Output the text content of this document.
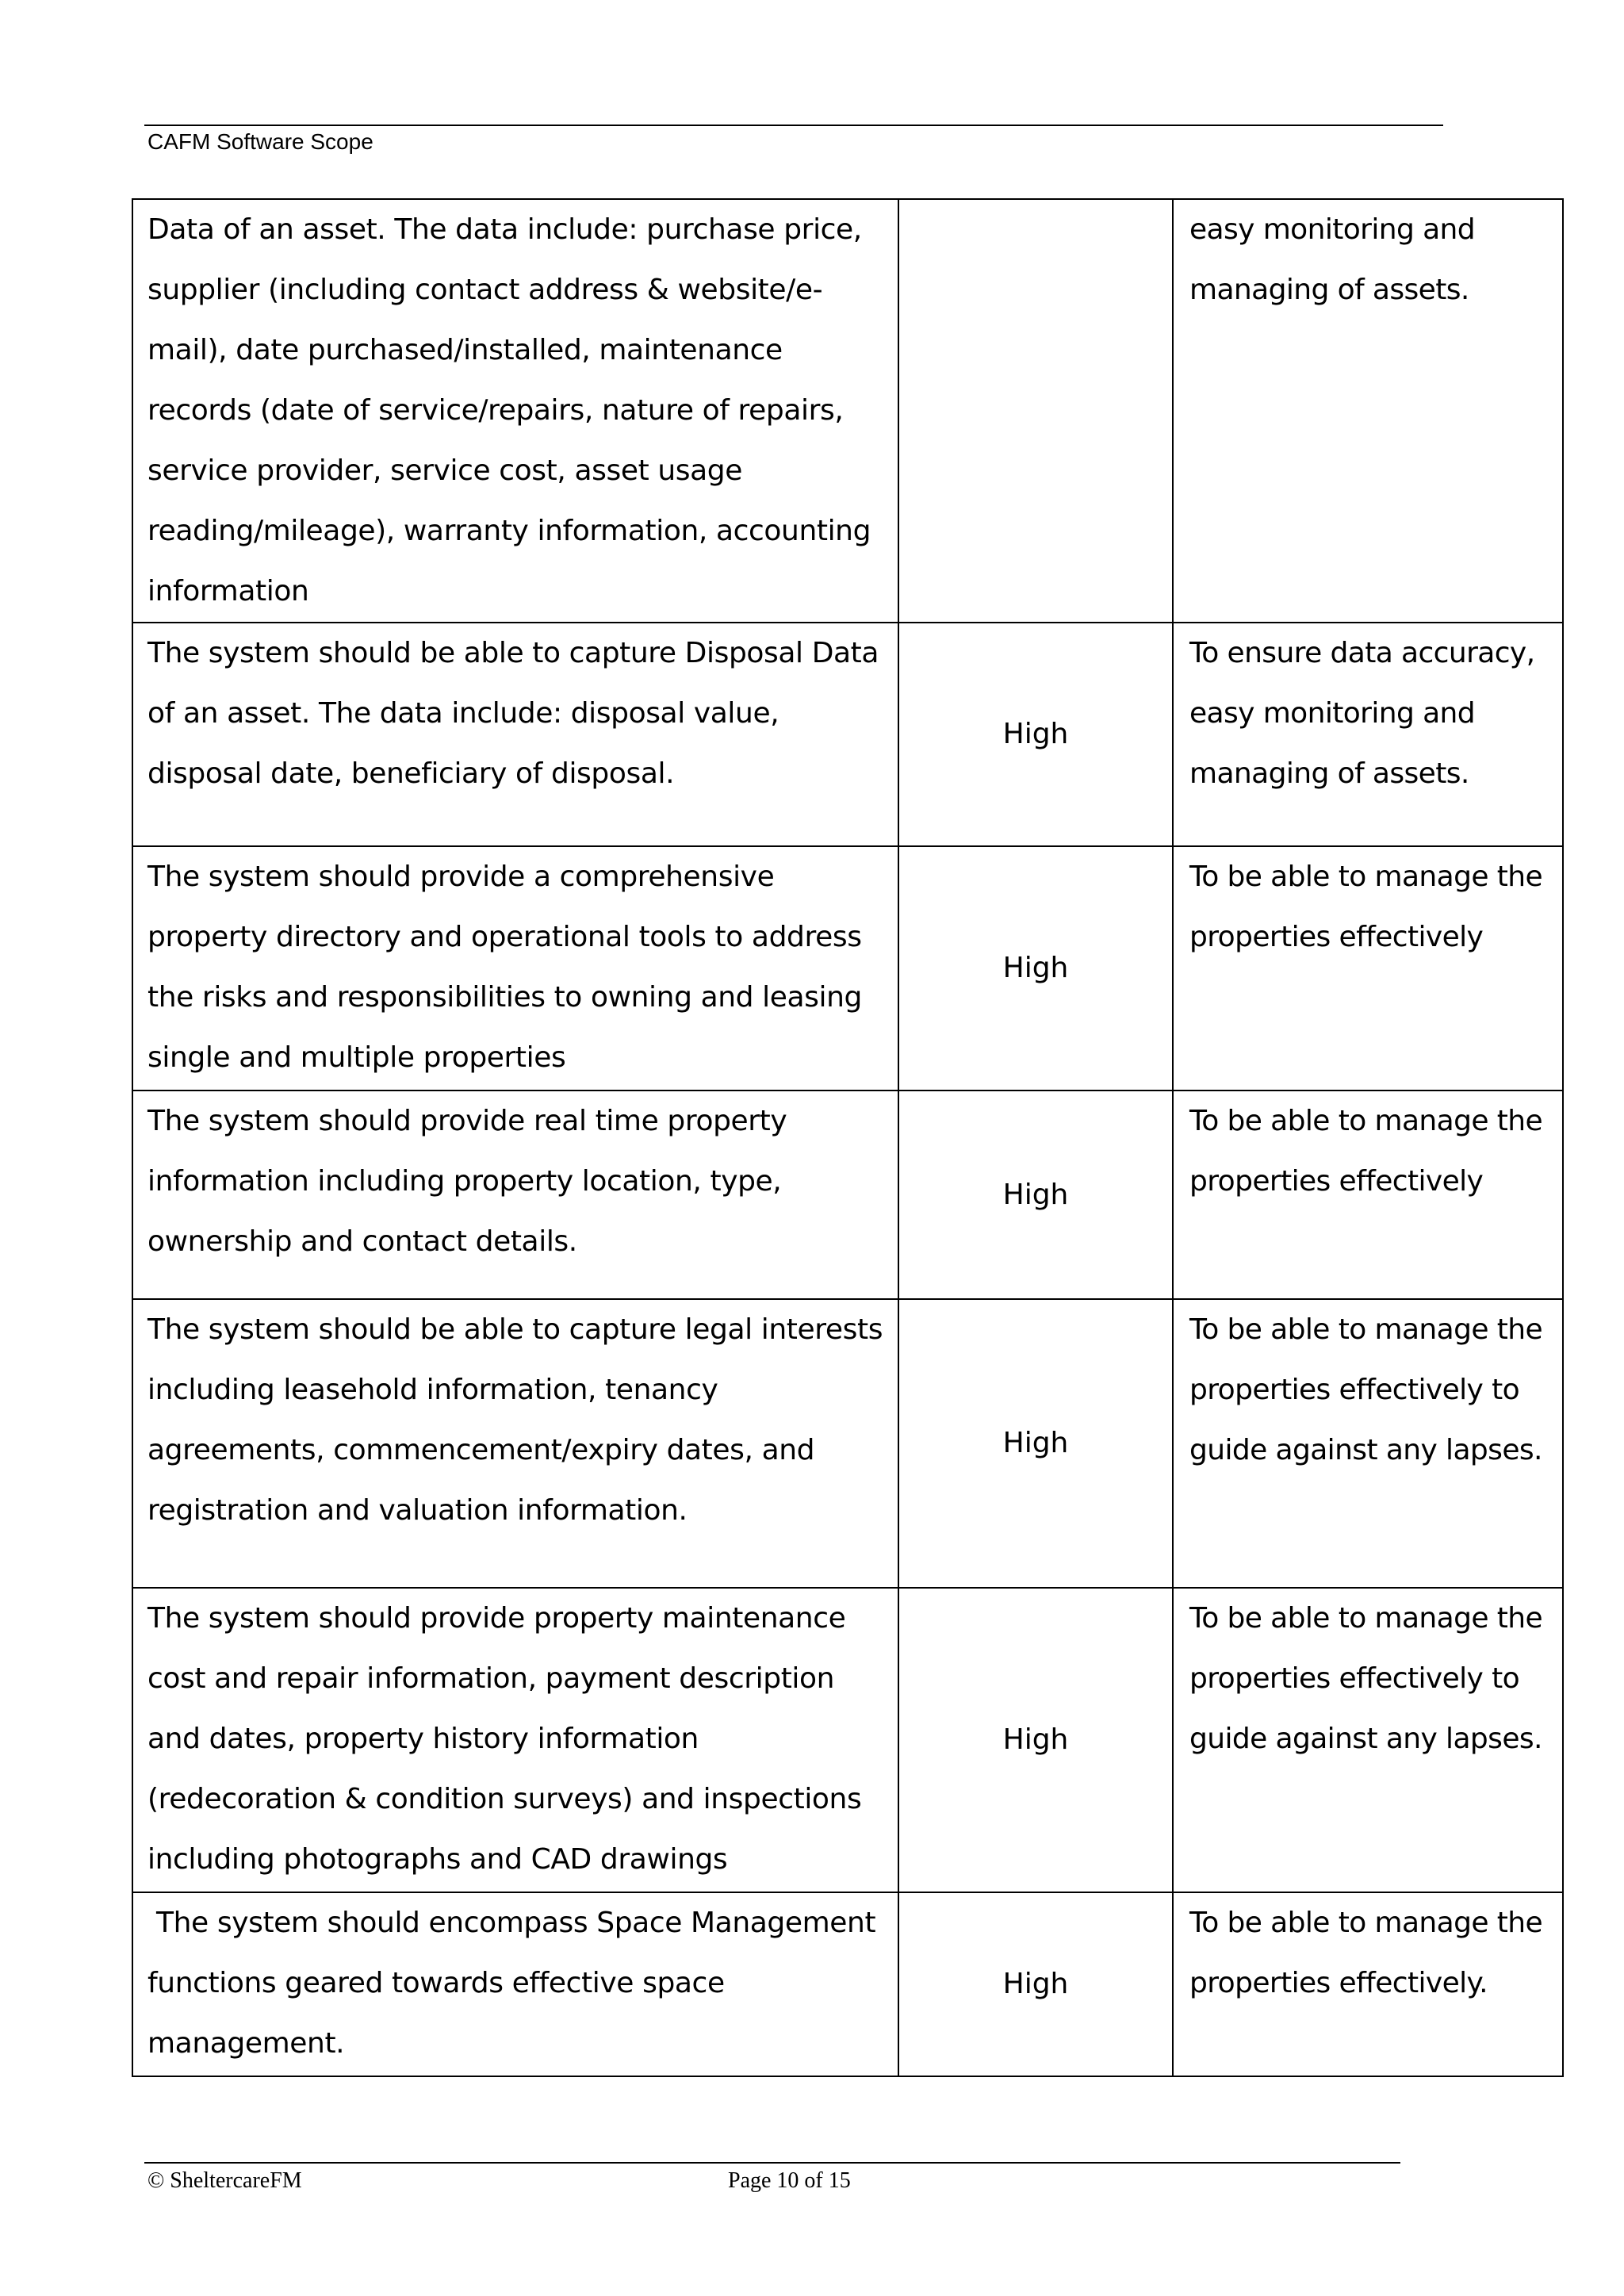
CAFM Software Scope
Data of an asset. The data include: purchase price, supplier (including contact address & website/e-mail), date purchased/installed, maintenance records (date of service/repairs, nature of repairs, service provider, service cost, asset usage reading/mileage), warranty information, accounting information		easy monitoring and managing of assets.

The system should be able to capture Disposal Data of an asset. The data include: disposal value, disposal date, beneficiary of disposal.	High	To ensure data accuracy, easy monitoring and managing of assets.

The system should provide a comprehensive property directory and operational tools to address the risks and responsibilities to owning and leasing single and multiple properties	High	To be able to manage the properties effectively

The system should provide real time property information including property location, type, ownership and contact details.	High	To be able to manage the properties effectively

The system should be able to capture legal interests including leasehold information, tenancy agreements, commencement/expiry dates, and registration and valuation information.	High	To be able to manage the properties effectively to guide against any lapses.

The system should provide property maintenance cost and repair information, payment description and dates, property history information (redecoration & condition surveys) and inspections including photographs and CAD drawings	High	To be able to manage the properties effectively to guide against any lapses.

The system should encompass Space Management functions geared towards effective space management.	High	To be able to manage the properties effectively.
© SheltercareFM	Page 10 of 15
